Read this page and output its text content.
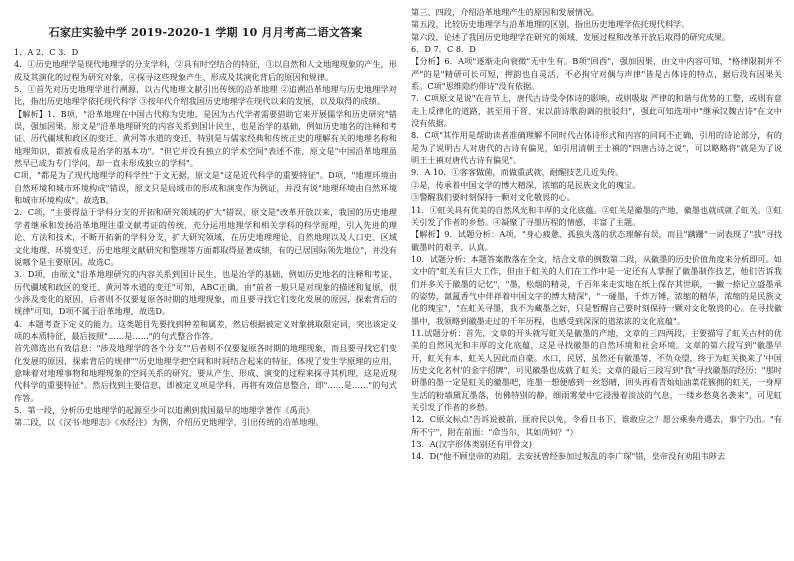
石家庄实验中学 2019-2020-1 学期 10 月月考高二语文答案

1．A 2．C 3．D

4．①历史地理学是现代地理学的分支学科，②具有时空结合的特征，③以自然和人文地理现象的产生，形成及其演化的过程为研究对象，④探寻这些现象产生、形成及其演化背后的原因和规律。

5．①首先对历史地理学进行溯源，以古代地理文献引出传统的沿革地理 ②追溯沿革地理与历史地理学对比，指出历史地理学依托现代科学 ③按年代介绍我国历史地理学在现代以来的发展，以及取得的成绩。

【解析】1．B项，"沿革地理在中国古代称为史地，是因为古代学者需要借助它来开展儒学和历史研究"错误，强加因果。原文是"沿革地理研究的内容关系到国计民生，也是治学的基础，例如历史地名的注释和考证、历代疆域和政区的变迁、黄河等水道的变迁，特别是与儒家经典和传统正史的理解有关的地理名称和地理知识，都被看成是治学的基本功"。"但它并没有独立的学术空间"表述不准，原文是"中国沿革地理虽然早已成为专门学问，却一直未形成独立的学科"。

C项，"都是为了现代地理学的科学性"于文无据，原文是"这是近代科学的重要特征"。D项，"地理环境由自然环境和城市环境构成"错误，原文只是局域市的形成和演变作为例证，并没有说"地理环境由自然环境和城市环境构成"。故选B。

2．C项，"主要得益于学科分支的开拓和研究领域的扩大"错误，原文是"改革开放以来，我国的历史地理学者继承和发扬沿革地理注重文献考证的传统，充分运用地理学和相关学科的科学原理，引入先进的理论、方法和技术，不断开拓新的学科分支，扩大研究领域，在历史地理理论、自然地理以及人口史、区域文化地理、环境变迁、历史地理文献研究和整理等方面都取得显著成绩，有的已居国际领先地位"，并没有说哪个是主要原因。故选C。

3．D项，由原文"沿革地理研究的内容关系到国计民生，也是治学的基础，例如历史地名的注释和考证、历代疆域和政区的变迁、黄河等水道的变迁"可知，ABC正确，由"前者一般只是对现象的描述和复原，很少涉及变化的原因，后者则不仅要复原各时期的地理现象，而且要寻找它们变化发展的原因，探索背后的规律"可知，D项不属于沿革地理，故选D。

4．本题考查下定义的能力。这类题目先要找到种差和属差，然后根据被定义对象挑取限定词，突出该定义项的本质特征，最后按照"……是……"的句式整合作答。

首先筛选出有效信息："涉及地理学的各个分支""后者则不仅要复原各时期的地理现象，而且要寻找它们变化发展的原因，探索背后的规律""历史地理学把空间和时间结合起来的特征，体现了发生学原理的应用，意味着对地理事物和地理现象的空间关系的研究，要从产生、形成、演变的过程来探寻其机理，这是近现代科学的重要特征"。然后找到主要信息，即被定义项是学科，再将有效信息整合，即"……是……"的句式作答。

5．第一段，分析历史地理学的起源至少可以追溯到我国最早的地理学著作《禹贡》

第二段，以《汉书·地理志》《水经注》为例，介绍历史地理学，引出传统的沿革地理。

第三、四段，介绍沿革地理产生的原因和发展情况。

第五段，比较历史地理学与沿革地理的区别，指出历史地理学依托现代科学。

第六段，论述了我国历史地理学在研究的领域、发展过程和改革开放后取得的研究成果。

6．D 7．C 8．D

【分析】6．A项"逐渐走向衰微"无中生有。B项"回西"，强加因果，由文中内容可知，"格律限制并不严"的是"精研可长可短，押韵也自灵活，不必拘守对偶与声律"皆是古体诗的特点，据后没有因果关系。C项"思维隐约俳诗"没有依据。

7．C项原文是说"在音节上，唐代古诗受令体诗的影响，或则吸取 严律的和谐与优势的工整，或则有意走上反律化的道路，甚至用于晋、宋以前诗歌韵调的批驳归"，强此可知选项中"继承汉魏古诗"在文中没有依据。

8．C项"其作用是帮助读者准确理解不同时代古体诗形式和内容的同间不正确，引用的诗论部分，有的是为了说明古人对唐代的古诗有偏见，如引用清朝王士禛的"四唐古诗之说"，可以略略将"就是为了说明王士禛对唐代古诗有偏见"。

9．A 10．①客客做菌，而做重武就，耐醒技艺几近失传。

②是，传承着中国文学的博大精深，浓缩的是民族文化的瑰宝。

③警醒我们要时刻保持一颗对文化敬畏的心。

11．①虹关具有优美的自然风光和丰厚的文化底蕴。②虹关是徽墨的产地，徽墨也就成就了虹关。③虹关引发了作者的乡愁。④凝聚了寻墨历程的情感，丰富了主题。

【解析】9．试题分析：A项，"身心疲惫、孤独失落的状态理解有误，而且"蹒跚"一词表现了"我"寻找徽墨时的艰辛、认真。

10．试题分析：本题答案散落在全文，结合文章的倒数第二段，从徽墨的历史价值角度来分析即可。如文中的"虹关有巨大工作，但由于虹关的人们在工作中是一定还有人掌握了徽墨制作技艺，他们告诉我们并多关于徽墨的记忆"，"墨，松烟的精灵，千百年来走实地在纸上保存其世联，一撇一捺记立盛墨承的姿势，氤氲香气中伴祥着中国文字的博大精深"，"一碰墨，千炸万锤，浓缩的精华，浓缩的是民族文化的瑰宝"，"在虹关寻墨，我不为藏墨之好，只是暂醒自己要时刻保持一颗对文化敬畏的心。在寻找徽墨中，我领略到徽墨走过的千年历程，也感受到深深的道浓浓的文化底蕴"。

11.试题分析：首先，文章的开头就写虹关是徽墨的产地，文章的三四两段，主要描写了虹关古村的优美的自然风光和丰厚的文化底蕴，这是寻找徽墨的自然环境和社会环境。文章的第六段写到"徽墨早开，虹关有本，虹关人因此而自豪。水口，民居，虽然还有徽墨等，不负众望，终于为虹关换来了'中国历史文化名村'的金字招牌"，可见徽墨也成就了虹关；文章的最后三段写到"我"寻找徽墨的经历："那时研墨的墨一定是虹关的徽墨吧，连墨一想便感到一丝怒晴，回头再看青灿灿油菜花簇拥的虹关，一身厚生活的粉墙黛瓦墨落，仿佛特别的静，细雨雾蒙中它浸漫着淡淡的气息，一缕乡愁莫名袭来"，可见虹关引发了作者的乡愁。

12．C原文标点"告诉说被前，匪府民以免，令看日书下，谁敢应之？愿公乘奏舟遇去，事宁乃出。"有所不宁"，附在前面："命当尔，其如尚何？"）

13．A(汉字形体类别还有甲骨文)

14．D("他不顾皇帝的劝阻，去安抚曾经参加过叛乱的李广琛"错，皇帝没有劝阻韦陟去
